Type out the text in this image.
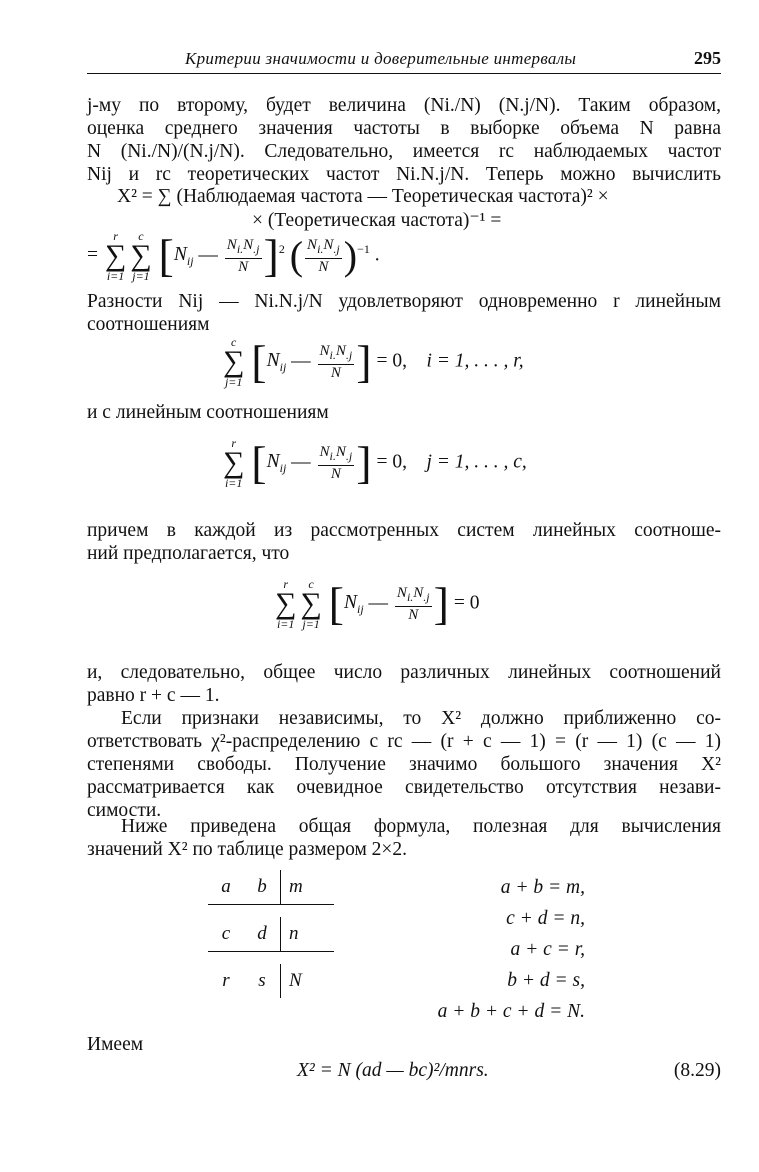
Критерии значимости и доверительные интервалы	295
j-му по второму, будет величина (Ni./N) (N.j/N). Таким образом,
оценка среднего значения частоты в выборке объема N равна
N (Ni./N)/(N.j/N). Следовательно, имеется rc наблюдаемых частот
Nij и rc теоретических частот Ni.N.j/N. Теперь можно вычислить
X² = ∑ (Наблюдаемая частота — Теоретическая частота)² ×
× (Теоретическая частота)⁻¹ =
=
r
∑
i=1
c
∑
j=1 [$N_{ij}$ — $\frac{N_{i.}N_{.j}}{N} ]^2$ ( $\frac{N_{i.}N_{.j}}{N} )^{-1}$ .
Разности Nij — Ni.N.j/N удовлетворяют одновременно r линейным
соотношениям
c
∑
j=1 [$N_{ij}$ — $\frac{N_{i.}N_{.j}}{N}$ ] = 0, i = 1, . . . , r,
и c линейным соотношениям
r
∑
i=1 [$N_{ij}$ — $\frac{N_{i.}N_{.j}}{N}$ ] = 0, j = 1, . . . , c,
причем в каждой из рассмотренных систем линейных соотноше-
ний предполагается, что
r
∑
i=1
c
∑
j=1 [$N_{ij}$ — $\frac{N_{i.}N_{.j}}{N}$ ] = 0
и, следовательно, общее число различных линейных соотношений
равно r + c — 1.
Если признаки независимы, то X² должно приближенно со-
ответствовать χ²-распределению с rc — (r + c — 1) = (r — 1) (c — 1)
степенями свободы. Получение значимо большого значения X²
рассматривается как очевидное свидетельство отсутствия незави-
симости.
Ниже приведена общая формула, полезная для вычисления
значений X² по таблице размером 2×2.
a	b	m
c	d	n
r	s	N
a + b = m,
c + d = n,
a + c = r,
b + d = s,
a + b + c + d = N.
Имеем
X² = N (ad — bc)²/mnrs.	(8.29)
